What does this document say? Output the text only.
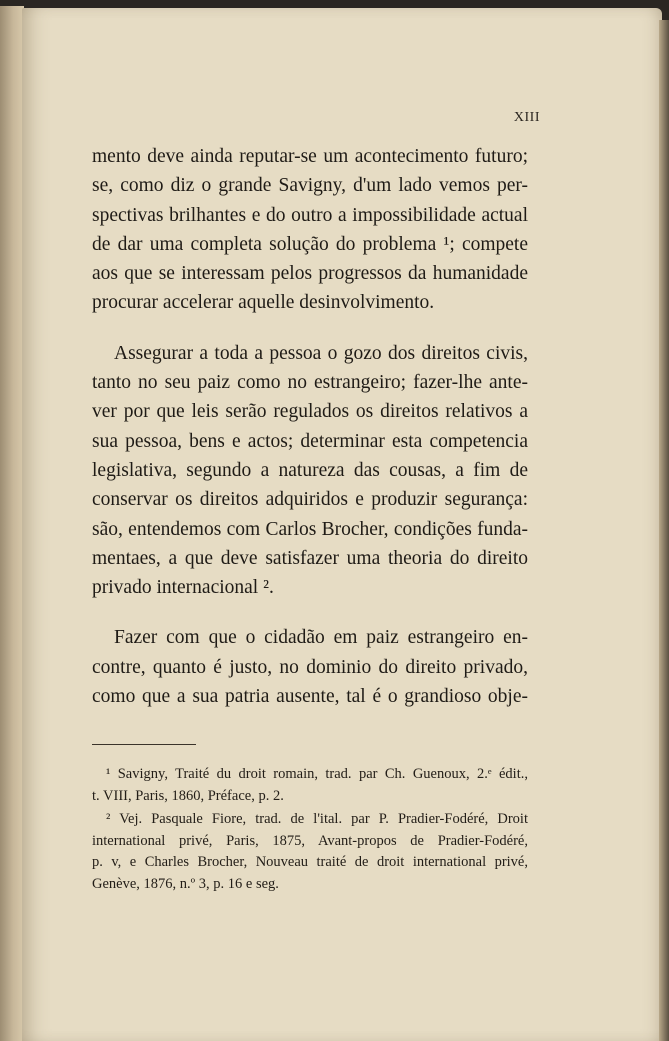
XIII

mento deve ainda reputar-se um acontecimento futuro;
se, como diz o grande Savigny, d'um lado vemos per-
spectivas brilhantes e do outro a impossibilidade actual
de dar uma completa solução do problema ¹; compete
aos que se interessam pelos progressos da humanidade
procurar accelerar aquelle desinvolvimento.

Assegurar a toda a pessoa o gozo dos direitos civis,
tanto no seu paiz como no estrangeiro; fazer-lhe ante-
ver por que leis serão regulados os direitos relativos a
sua pessoa, bens e actos; determinar esta competencia
legislativa, segundo a natureza das cousas, a fim de
conservar os direitos adquiridos e produzir segurança:
são, entendemos com Carlos Brocher, condições funda-
mentaes, a que deve satisfazer uma theoria do direito
privado internacional ².

Fazer com que o cidadão em paiz estrangeiro en-
contre, quanto é justo, no dominio do direito privado,
como que a sua patria ausente, tal é o grandioso obje-

¹ Savigny, Traité du droit romain, trad. par Ch. Guenoux, 2.ᵉ édit.,
t. VIII, Paris, 1860, Préface, p. 2.
² Vej. Pasquale Fiore, trad. de l'ital. par P. Pradier-Fodéré, Droit
international privé, Paris, 1875, Avant-propos de Pradier-Fodéré,
p. v, e Charles Brocher, Nouveau traité de droit international privé,
Genève, 1876, n.º 3, p. 16 e seg.
